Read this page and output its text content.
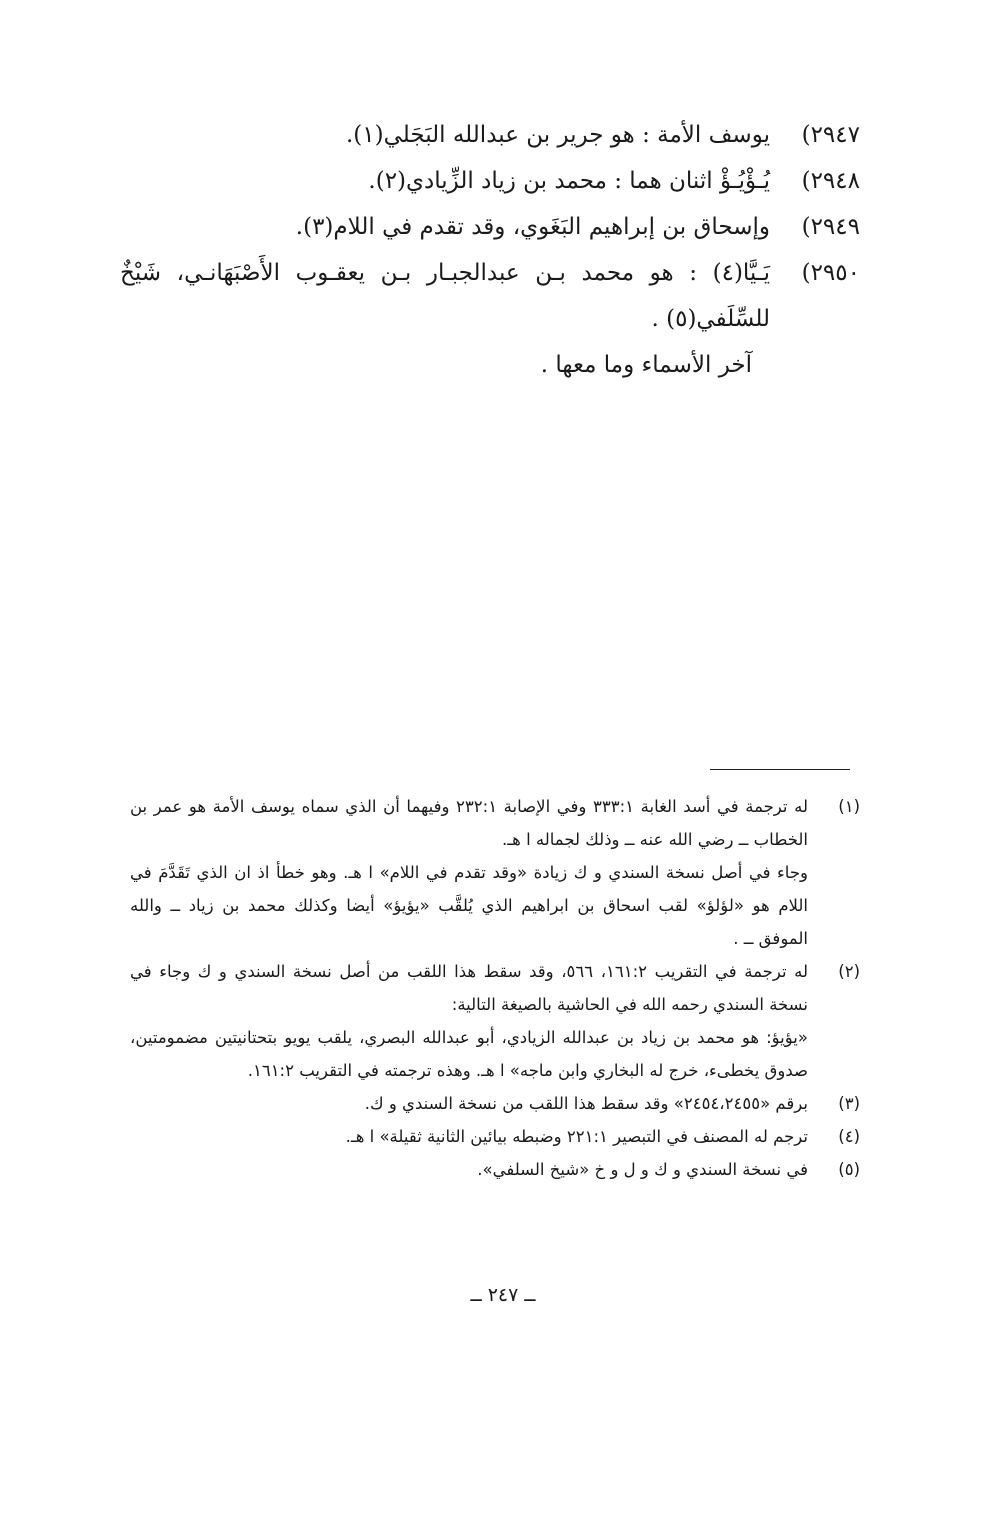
٢٩٤٧)
يوسف الأمة : هو جرير بن عبدالله البَجَلي(١).
٢٩٤٨)
يُـؤْيُـؤْ اثنان هما : محمد بن زياد الزِّيادي(٢).
٢٩٤٩)
وإسحاق بن إبراهيم البَغَوي، وقد تقدم في اللام(٣).
٢٩٥٠)
يَـيَّا(٤) : هو محمد بـن عبدالجبـار بـن يعقـوب الأَصْبَهَانـي، شَيْخٌ للسِّلَفي(٥) .
آخر الأسماء وما معها .
(١)

له ترجمة في أسد الغابة ٣٣٣:١ وفي الإصابة ٢٣٢:١ وفيهما أن الذي سماه يوسف الأمة هو عمر بن الخطاب ــ رضي الله عنه ــ وذلك لجماله ا هـ.

وجاء في أصل نسخة السندي و ك زيادة «وقد تقدم في اللام» ا هـ. وهو خطأ اذ ان الذي تَقَدَّمَ في اللام هو «لؤلؤ» لقب اسحاق بن ابراهيم الذي يُلقَّب «يؤيؤ» أيضا وكذلك محمد بن زياد ــ والله الموفق ــ .

(٢)

له ترجمة في التقريب ١٦١:٢، ٥٦٦، وقد سقط هذا اللقب من أصل نسخة السندي و ك وجاء في نسخة السندي رحمه الله في الحاشية بالصيغة التالية:

«يؤيؤ: هو محمد بن زياد بن عبدالله الزيادي، أبو عبدالله البصري، يلقب يويو بتحتانيتين مضمومتين، صدوق يخطىء، خرج له البخاري وابن ماجه» ا هـ. وهذه ترجمته في التقريب ١٦١:٢.

(٣)

برقم «٢٤٥٤،٢٤٥٥» وقد سقط هذا اللقب من نسخة السندي و ك.

(٤)

ترجم له المصنف في التبصير ٢٢١:١ وضبطه بيائين الثانية ثقيلة» ا هـ.

(٥)

في نسخة السندي و ك و ل و خ «شيخ السلفي».

ــ ٢٤٧ ــ
